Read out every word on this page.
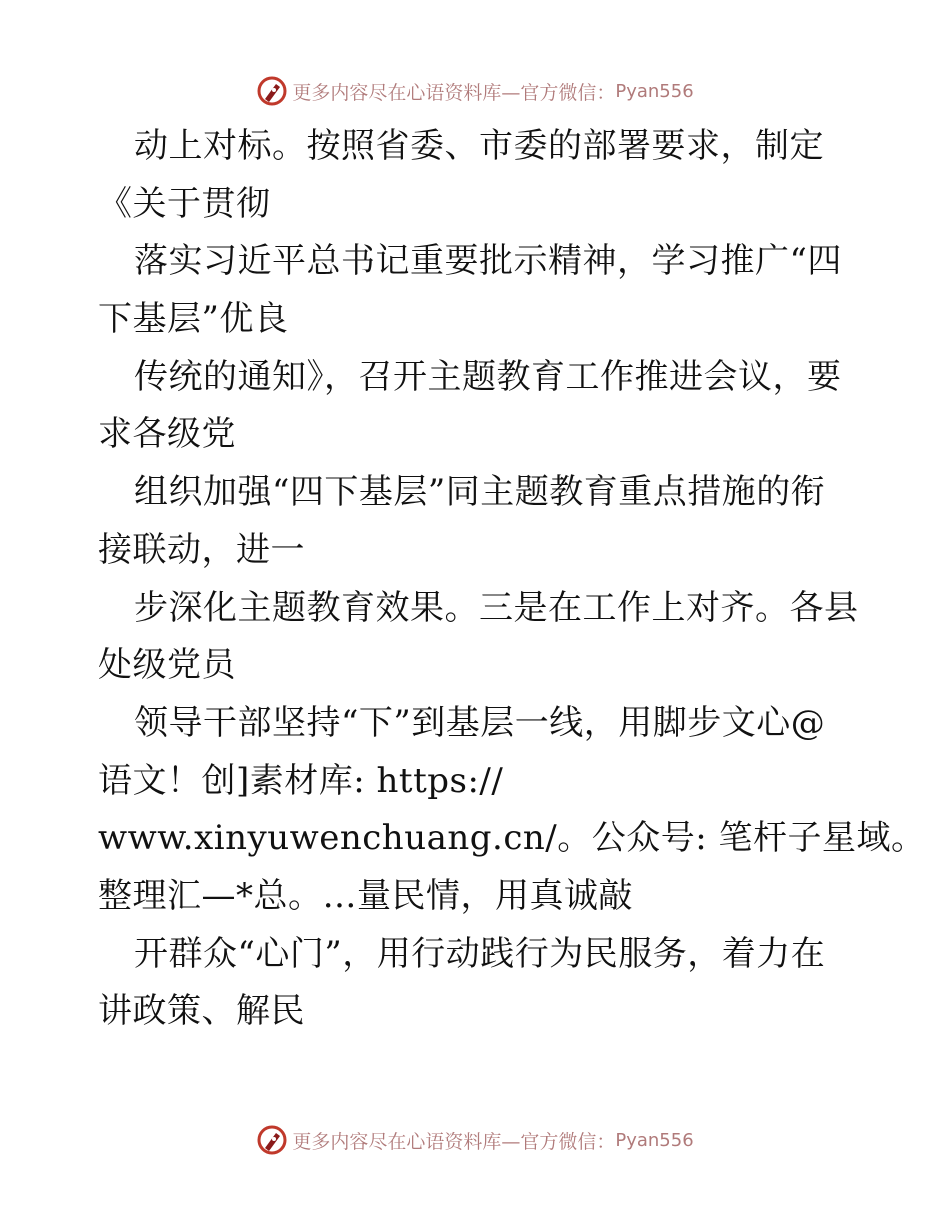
更多内容尽在心语资料库—官方微信： Pyan556
动上对标。按照省委、市委的部署要求，制定
《关于贯彻
落实习近平总书记重要批示精神，学习推广“四
下基层”优良
传统的通知》，召开主题教育工作推进会议，要
求各级党
组织加强“四下基层”同主题教育重点措施的衔
接联动，进一
步深化主题教育效果。三是在工作上对齐。各县
处级党员
领导干部坚持“下”到基层一线，用脚步文心@
语文！创]素材库: https://
www.xinyuwenchuang.cn/。公众号: 笔杆子星域。
整理汇—*总。…量民情，用真诚敲
开群众“心门”，用行动践行为民服务，着力在
讲政策、解民
更多内容尽在心语资料库—官方微信： Pyan556
